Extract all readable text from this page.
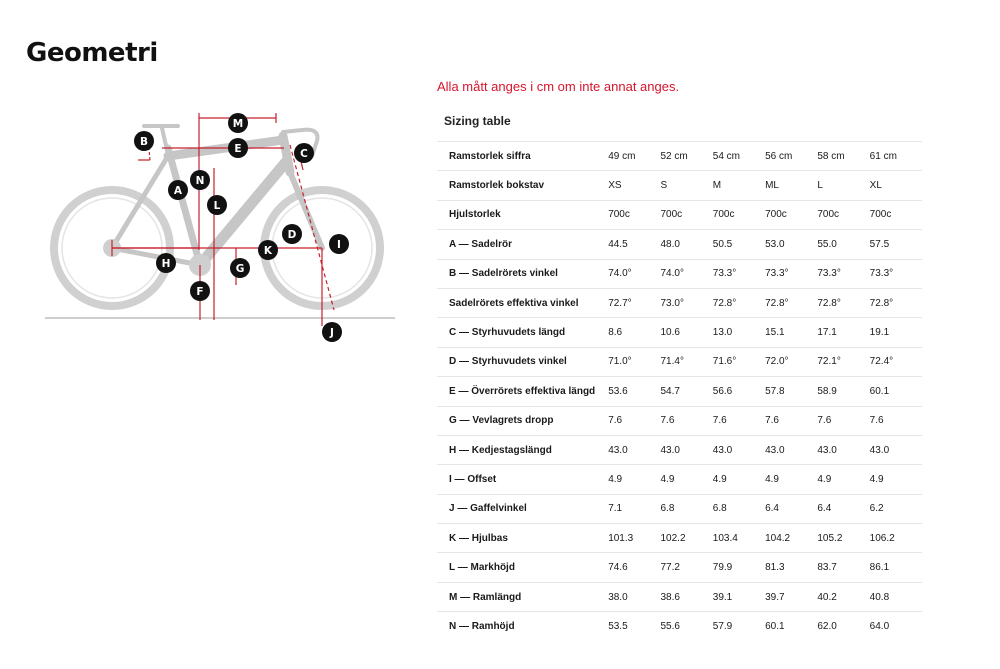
Geometri
A
B
C
D
E
F
G
H
I
J
K
L
M
N
Alla mått anges i cm om inte annat anges.
Sizing table
Ramstorlek siffra	49 cm	52 cm	54 cm	56 cm	58 cm	61 cm
Ramstorlek bokstav	XS	S	M	ML	L	XL
Hjulstorlek	700c	700c	700c	700c	700c	700c
A — Sadelrör	44.5	48.0	50.5	53.0	55.0	57.5
B — Sadelrörets vinkel	74.0°	74.0°	73.3°	73.3°	73.3°	73.3°
Sadelrörets effektiva vinkel	72.7°	73.0°	72.8°	72.8°	72.8°	72.8°
C — Styrhuvudets längd	8.6	10.6	13.0	15.1	17.1	19.1
D — Styrhuvudets vinkel	71.0°	71.4°	71.6°	72.0°	72.1°	72.4°
E — Överrörets effektiva längd	53.6	54.7	56.6	57.8	58.9	60.1
G — Vevlagrets dropp	7.6	7.6	7.6	7.6	7.6	7.6
H — Kedjestagslängd	43.0	43.0	43.0	43.0	43.0	43.0
I — Offset	4.9	4.9	4.9	4.9	4.9	4.9
J — Gaffelvinkel	7.1	6.8	6.8	6.4	6.4	6.2
K — Hjulbas	101.3	102.2	103.4	104.2	105.2	106.2
L — Markhöjd	74.6	77.2	79.9	81.3	83.7	86.1
M — Ramlängd	38.0	38.6	39.1	39.7	40.2	40.8
N — Ramhöjd	53.5	55.6	57.9	60.1	62.0	64.0
